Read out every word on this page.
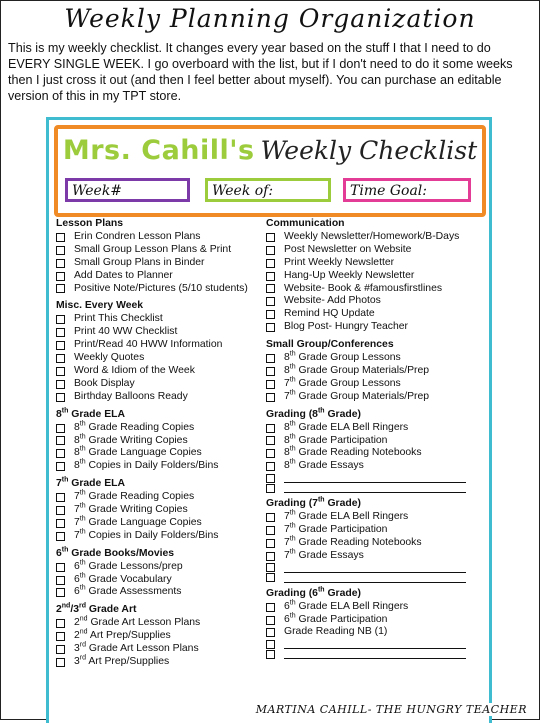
Weekly Planning Organization
This is my weekly checklist. It changes every year based on the stuff I that I need to do EVERY SINGLE WEEK. I go overboard with the list, but if I don't need to do it some weeks then I just cross it out (and then I feel better about myself). You can purchase an editable version of this in my TPT store.
Mrs. Cahill's Weekly Checklist
Week#	Week of:	Time Goal:
Lesson Plans
Erin Condren Lesson Plans
Small Group Lesson Plans & Print
Small Group Plans in Binder
Add Dates to Planner
Positive Note/Pictures (5/10 students)
Misc. Every Week
Print This Checklist
Print 40 WW Checklist
Print/Read 40 HWW Information
Weekly Quotes
Word & Idiom of the Week
Book Display
Birthday Balloons Ready
8th Grade ELA
8th Grade Reading Copies
8th Grade Writing Copies
8th Grade Language Copies
8th Copies in Daily Folders/Bins
7th Grade ELA
7th Grade Reading Copies
7th Grade Writing Copies
7th Grade Language Copies
7th Copies in Daily Folders/Bins
6th Grade Books/Movies
6th Grade Lessons/prep
6th Grade Vocabulary
6th Grade Assessments
2nd/3rd Grade Art
2nd Grade Art Lesson Plans
2nd Art Prep/Supplies
3rd Grade Art Lesson Plans
3rd Art Prep/Supplies
Communication
Weekly Newsletter/Homework/B-Days
Post Newsletter on Website
Print Weekly Newsletter
Hang-Up Weekly Newsletter
Website- Book & #famousfirstlines
Website- Add Photos
Remind HQ Update
Blog Post- Hungry Teacher
Small Group/Conferences
8th Grade Group Lessons
8th Grade Group Materials/Prep
7th Grade Group Lessons
7th Grade Group Materials/Prep
Grading (8th Grade)
8th Grade ELA Bell Ringers
8th Grade Participation
8th Grade Reading Notebooks
8th Grade Essays
Grading (7th Grade)
7th Grade ELA Bell Ringers
7th Grade Participation
7th Grade Reading Notebooks
7th Grade Essays
Grading (6th Grade)
6th Grade ELA Bell Ringers
6th Grade Participation
Grade Reading NB (1)
MARTINA CAHILL- THE HUNGRY TEACHER
